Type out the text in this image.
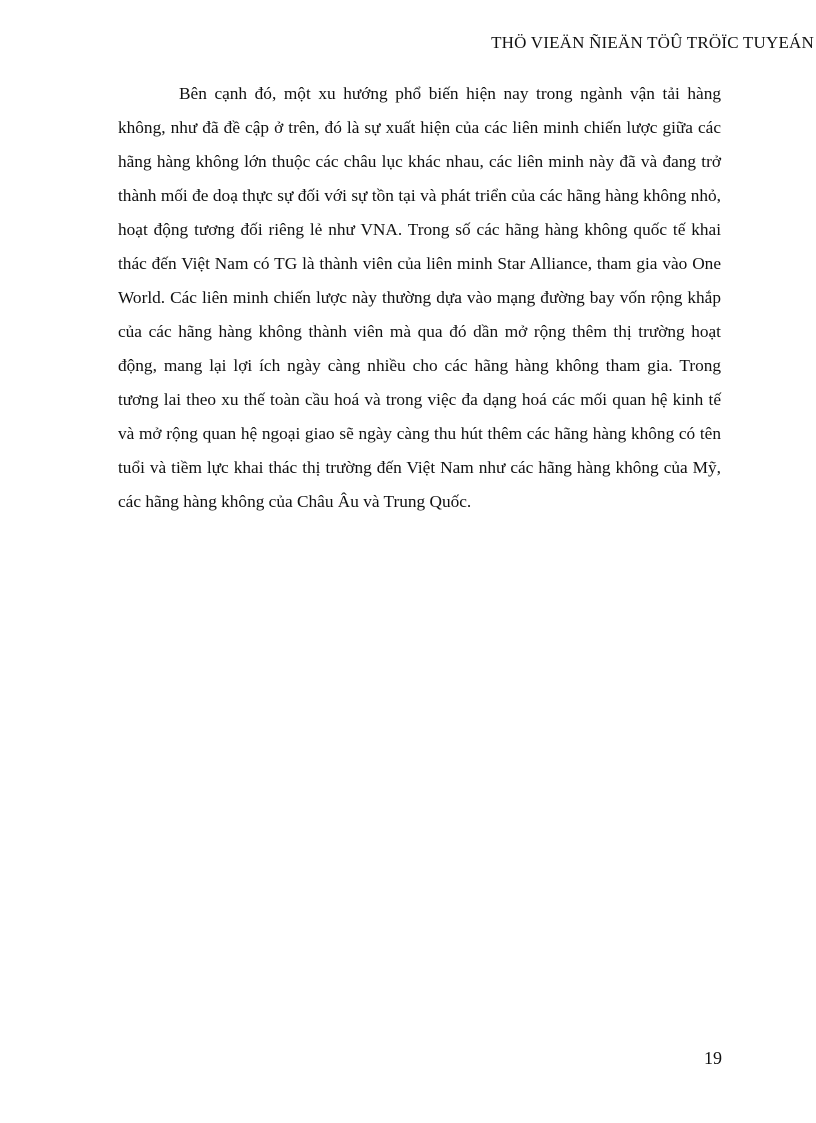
THÖ VIEÄN ÑIEÄN TÖÛ TRÖÏC TUYEÁN

Bên cạnh đó, một xu hướng phổ biến hiện nay trong ngành vận tải hàng không, như đã đề cập ở trên, đó là sự xuất hiện của các liên minh chiến lược giữa các hãng hàng không lớn thuộc các châu lục khác nhau, các liên minh này đã và đang trở thành mối đe doạ thực sự đối với sự tồn tại và phát triển của các hãng hàng không nhỏ, hoạt động tương đối riêng lẻ như VNA. Trong số các hãng hàng không quốc tế khai thác đến Việt Nam có TG là thành viên của liên minh Star Alliance, tham gia vào One World. Các liên minh chiến lược này thường dựa vào mạng đường bay vốn rộng khắp của các hãng hàng không thành viên mà qua đó dần mở rộng thêm thị trường hoạt động, mang lại lợi ích ngày càng nhiều cho các hãng hàng không tham gia. Trong tương lai theo xu thế toàn cầu hoá và trong việc đa dạng hoá các mối quan hệ kinh tế và mở rộng quan hệ ngoại giao sẽ ngày càng thu hút thêm các hãng hàng không có tên tuổi và tiềm lực khai thác thị trường đến Việt Nam như các hãng hàng không của Mỹ, các hãng hàng không của Châu Âu và Trung Quốc.

19
